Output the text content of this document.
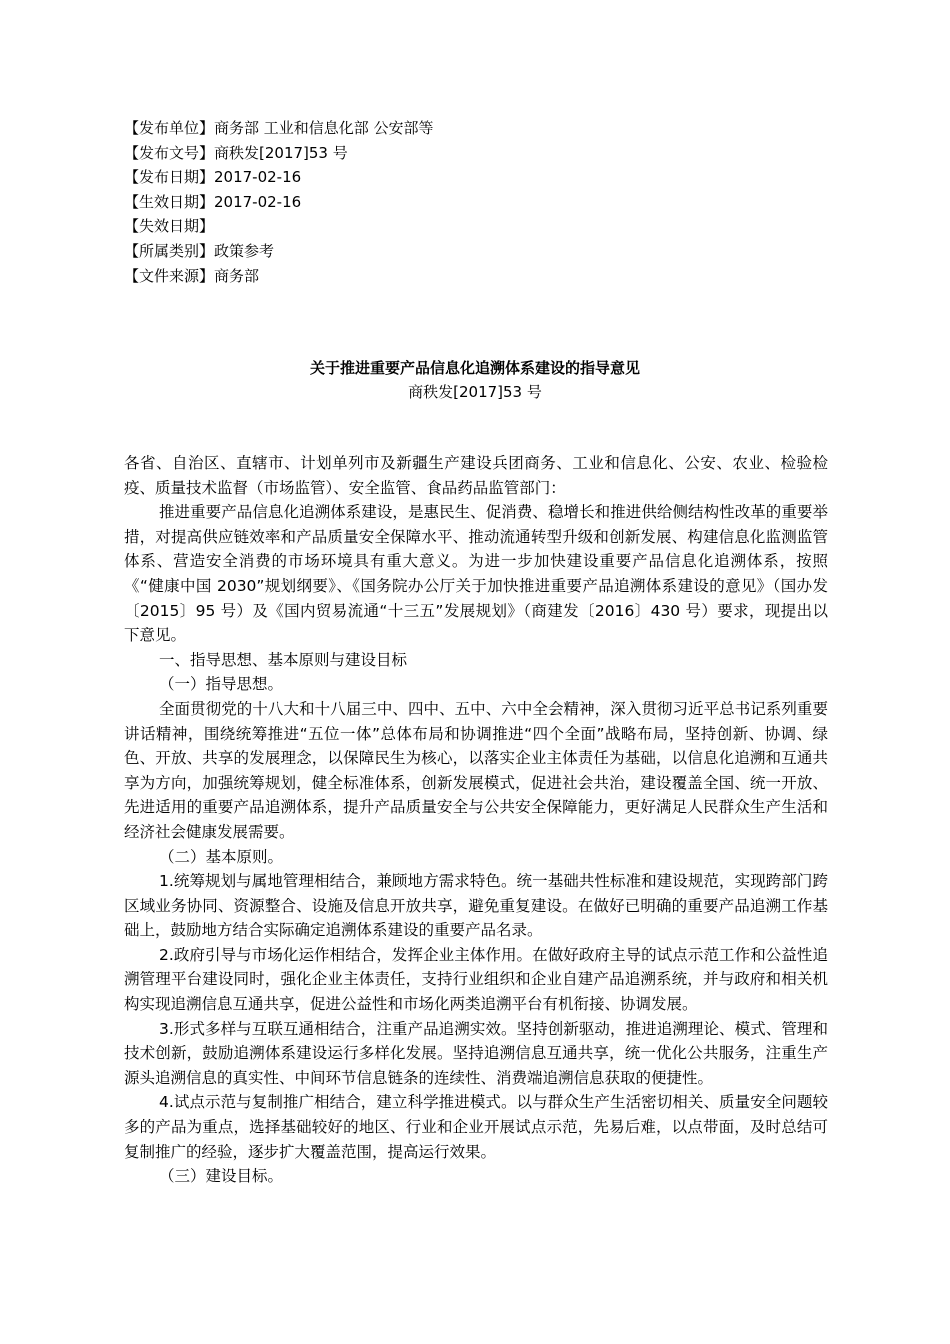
【发布单位】商务部 工业和信息化部 公安部等
【发布文号】商秩发[2017]53 号
【发布日期】2017-02-16
【生效日期】2017-02-16
【失效日期】
【所属类别】政策参考
【文件来源】商务部
关于推进重要产品信息化追溯体系建设的指导意见
商秩发[2017]53 号

各省、自治区、直辖市、计划单列市及新疆生产建设兵团商务、工业和信息化、公安、农业、检验检疫、质量技术监督（市场监管）、安全监管、食品药品监管部门：

推进重要产品信息化追溯体系建设，是惠民生、促消费、稳增长和推进供给侧结构性改革的重要举措，对提高供应链效率和产品质量安全保障水平、推动流通转型升级和创新发展、构建信息化监测监管体系、营造安全消费的市场环境具有重大意义。为进一步加快建设重要产品信息化追溯体系，按照《“健康中国 2030”规划纲要》、《国务院办公厅关于加快推进重要产品追溯体系建设的意见》（国办发〔2015〕95 号）及《国内贸易流通“十三五”发展规划》（商建发〔2016〕430 号）要求，现提出以下意见。

一、指导思想、基本原则与建设目标

（一）指导思想。

全面贯彻党的十八大和十八届三中、四中、五中、六中全会精神，深入贯彻习近平总书记系列重要讲话精神，围绕统筹推进“五位一体”总体布局和协调推进“四个全面”战略布局，坚持创新、协调、绿色、开放、共享的发展理念，以保障民生为核心，以落实企业主体责任为基础，以信息化追溯和互通共享为方向，加强统筹规划，健全标准体系，创新发展模式，促进社会共治，建设覆盖全国、统一开放、先进适用的重要产品追溯体系，提升产品质量安全与公共安全保障能力，更好满足人民群众生产生活和经济社会健康发展需要。

（二）基本原则。

1.统筹规划与属地管理相结合，兼顾地方需求特色。统一基础共性标准和建设规范，实现跨部门跨区域业务协同、资源整合、设施及信息开放共享，避免重复建设。在做好已明确的重要产品追溯工作基础上，鼓励地方结合实际确定追溯体系建设的重要产品名录。

2.政府引导与市场化运作相结合，发挥企业主体作用。在做好政府主导的试点示范工作和公益性追溯管理平台建设同时，强化企业主体责任，支持行业组织和企业自建产品追溯系统，并与政府和相关机构实现追溯信息互通共享，促进公益性和市场化两类追溯平台有机衔接、协调发展。

3.形式多样与互联互通相结合，注重产品追溯实效。坚持创新驱动，推进追溯理论、模式、管理和技术创新，鼓励追溯体系建设运行多样化发展。坚持追溯信息互通共享，统一优化公共服务，注重生产源头追溯信息的真实性、中间环节信息链条的连续性、消费端追溯信息获取的便捷性。

4.试点示范与复制推广相结合，建立科学推进模式。以与群众生产生活密切相关、质量安全问题较多的产品为重点，选择基础较好的地区、行业和企业开展试点示范，先易后难，以点带面，及时总结可复制推广的经验，逐步扩大覆盖范围，提高运行效果。

（三）建设目标。
